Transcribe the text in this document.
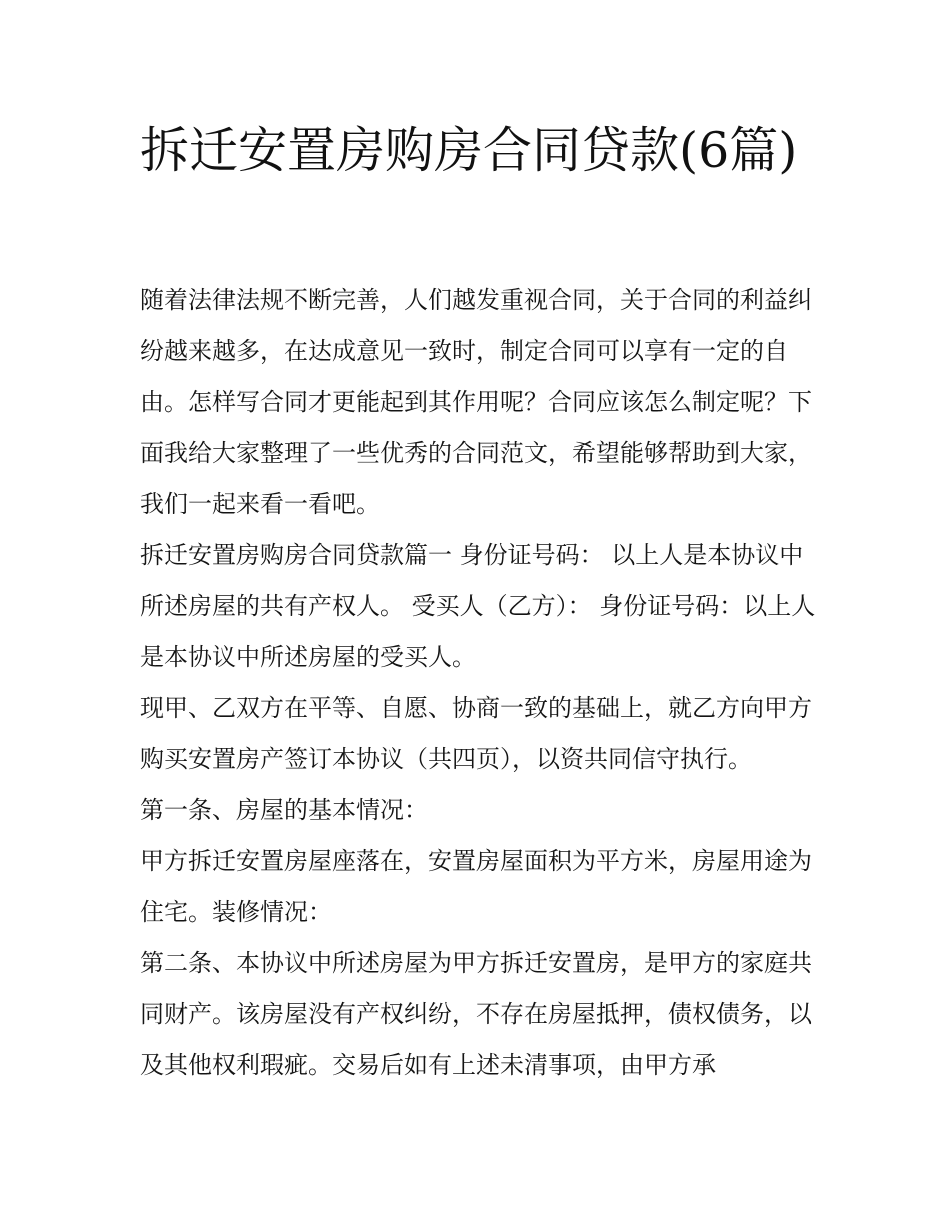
拆迁安置房购房合同贷款(6篇)

随着法律法规不断完善，人们越发重视合同，关于合同的利益纠纷越来越多，在达成意见一致时，制定合同可以享有一定的自由。怎样写合同才更能起到其作用呢？合同应该怎么制定呢？下面我给大家整理了一些优秀的合同范文，希望能够帮助到大家，我们一起来看一看吧。

拆迁安置房购房合同贷款篇一 身份证号码： 以上人是本协议中所述房屋的共有产权人。 受买人（乙方）： 身份证号码：以上人是本协议中所述房屋的受买人。

现甲、乙双方在平等、自愿、协商一致的基础上，就乙方向甲方购买安置房产签订本协议（共四页），以资共同信守执行。

第一条、房屋的基本情况：

甲方拆迁安置房屋座落在，安置房屋面积为平方米，房屋用途为住宅。装修情况：

第二条、本协议中所述房屋为甲方拆迁安置房，是甲方的家庭共同财产。该房屋没有产权纠纷，不存在房屋抵押，债权债务，以及其他权利瑕疵。交易后如有上述未清事项，由甲方承
